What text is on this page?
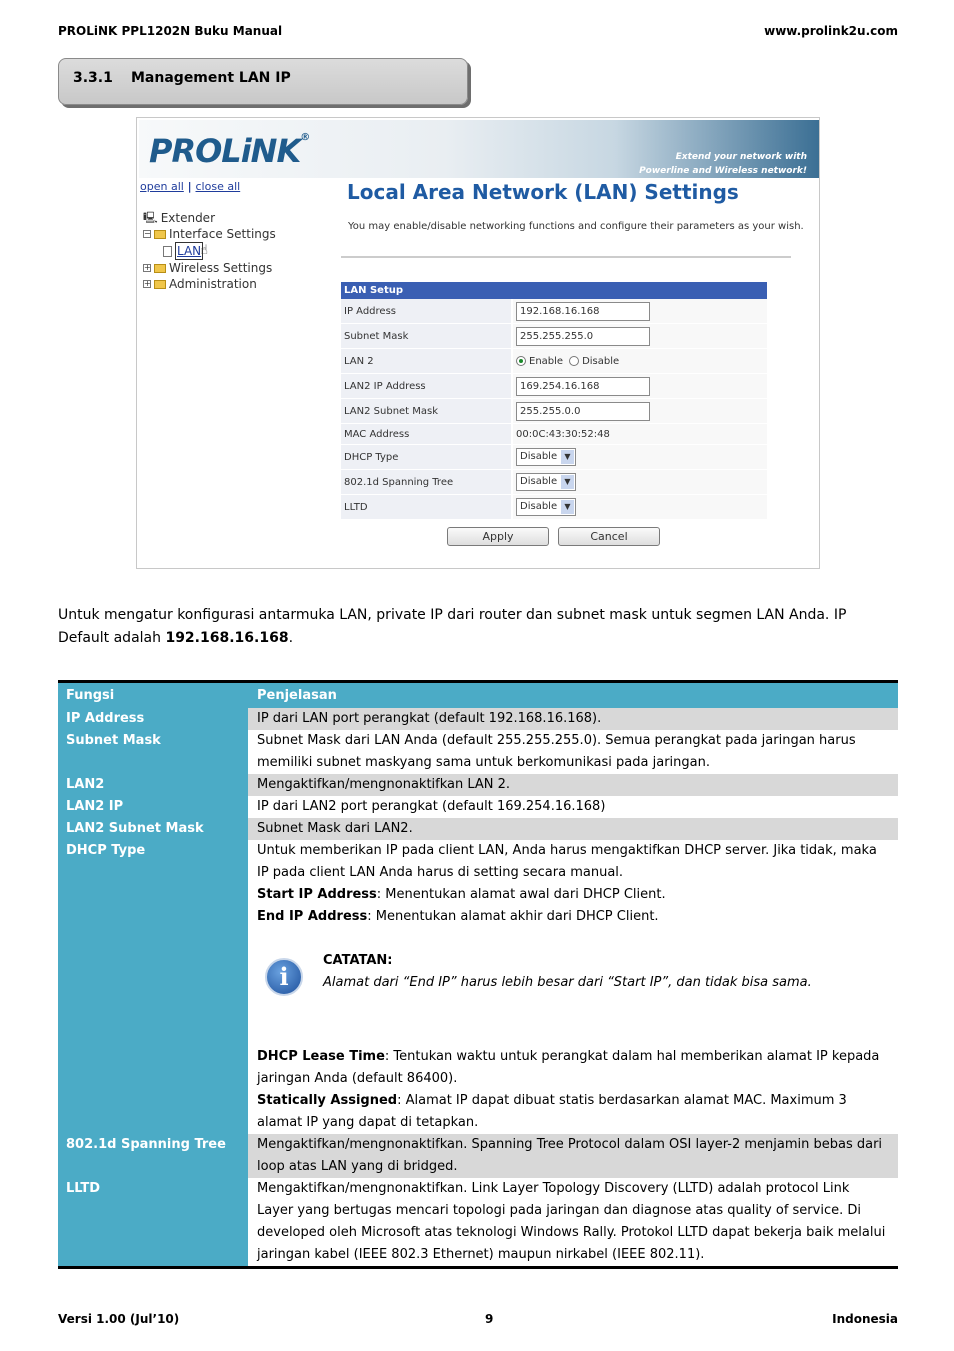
PROLiNK PPL1202N Buku Manual	www.prolink2u.com
3.3.1 Management LAN IP
PROLiNK®
Extend your network with
Powerline and Wireless network!
open all | close all
🖳 Extender
− Interface Settings
LAN ☝
+ Wireless Settings
+ Administration
Local Area Network (LAN) Settings
You may enable/disable networking functions and configure their parameters as your wish.
LAN Setup
IP Address	192.168.16.168
Subnet Mask	255.255.255.0
LAN 2	Enable Disable
LAN2 IP Address	169.254.16.168
LAN2 Subnet Mask	255.255.0.0
MAC Address	00:0C:43:30:52:48
DHCP Type	Disable ▼
802.1d Spanning Tree	Disable ▼
LLTD	Disable ▼
Apply	Cancel
Untuk mengatur konfigurasi antarmuka LAN, private IP dari router dan subnet mask untuk segmen LAN Anda. IP Default adalah 192.168.16.168.
Fungsi	Penjelasan
IP Address	IP dari LAN port perangkat (default 192.168.16.168).
Subnet Mask	Subnet Mask dari LAN Anda (default 255.255.255.0). Semua perangkat pada jaringan harus memiliki subnet maskyang sama untuk berkomunikasi pada jaringan.
LAN2	Mengaktifkan/mengnonaktifkan LAN 2.
LAN2 IP	IP dari LAN2 port perangkat (default 169.254.16.168)
LAN2 Subnet Mask	Subnet Mask dari LAN2.
DHCP Type	Untuk memberikan IP pada client LAN, Anda harus mengaktifkan DHCP server. Jika tidak, maka IP pada client LAN Anda harus di setting secara manual.
Start IP Address: Menentukan alamat awal dari DHCP Client.
End IP Address: Menentukan alamat akhir dari DHCP Client.
i
CATATAN:
Alamat dari “End IP” harus lebih besar dari “Start IP”, dan tidak bisa sama.
DHCP Lease Time: Tentukan waktu untuk perangkat dalam hal memberikan alamat IP kepada jaringan Anda (default 86400).
Statically Assigned: Alamat IP dapat dibuat statis berdasarkan alamat MAC. Maximum 3 alamat IP yang dapat di tetapkan.
802.1d Spanning Tree	Mengaktifkan/mengnonaktifkan. Spanning Tree Protocol dalam OSI layer-2 menjamin bebas dari loop atas LAN yang di bridged.
LLTD	Mengaktifkan/mengnonaktifkan. Link Layer Topology Discovery (LLTD) adalah protocol Link Layer yang bertugas mencari topologi pada jaringan dan diagnose atas quality of service. Di developed oleh Microsoft atas teknologi Windows Rally. Protokol LLTD dapat bekerja baik melalui jaringan kabel (IEEE 802.3 Ethernet) maupun nirkabel (IEEE 802.11).
Versi 1.00 (Jul’10)	9	Indonesia
